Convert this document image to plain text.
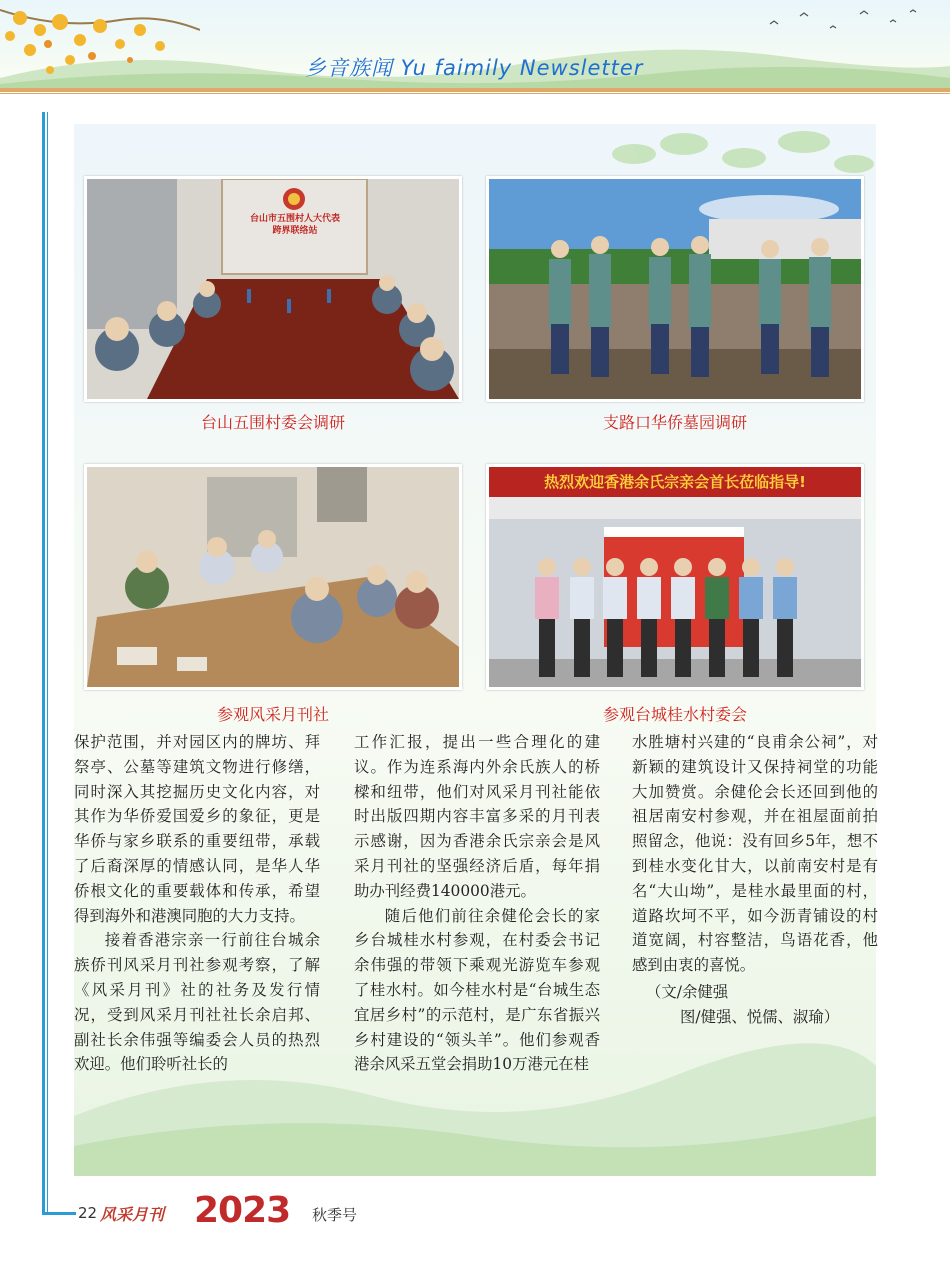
乡音族闻 Yu faimily Newsletter
台山市五围村人大代表
跨界联络站
台山五围村委会调研	支路口华侨墓园调研
参观风采月刊社
热烈欢迎香港余氏宗亲会首长莅临指导!
参观台城桂水村委会

保护范围，并对园区内的牌坊、拜祭亭、公墓等建筑文物进行修缮，同时深入其挖掘历史文化内容，对其作为华侨爱国爱乡的象征，更是华侨与家乡联系的重要纽带，承载了后裔深厚的情感认同，是华人华侨根文化的重要载体和传承，希望得到海外和港澳同胞的大力支持。

接着香港宗亲一行前往台城余族侨刊风采月刊社参观考察，了解《风采月刊》社的社务及发行情况，受到风采月刊社社长余启邦、副社长余伟强等编委会人员的热烈欢迎。他们聆听社长的

工作汇报，提出一些合理化的建议。作为连系海内外余氏族人的桥樑和纽带，他们对风采月刊社能依时出版四期内容丰富多采的月刊表示感谢，因为香港余氏宗亲会是风采月刊社的坚强经济后盾，每年捐助办刊经费140000港元。

随后他们前往余健伦会长的家乡台城桂水村参观，在村委会书记余伟强的带领下乘观光游览车参观了桂水村。如今桂水村是“台城生态宜居乡村”的示范村，是广东省振兴乡村建设的“领头羊”。他们参观香港余风采五堂会捐助10万港元在桂

水胜塘村兴建的“良甫余公祠”，对新颖的建筑设计又保持祠堂的功能大加赞赏。余健伦会长还回到他的祖居南安村参观，并在祖屋面前拍照留念，他说：没有回乡5年，想不到桂水变化甘大，以前南安村是有名“大山坳”，是桂水最里面的村，道路坎坷不平，如今沥青铺设的村道宽阔，村容整洁，鸟语花香，他感到由衷的喜悦。

（文/余健强
图/健强、悦儒、淑瑜）
22 风采月刊 2023 秋季号
